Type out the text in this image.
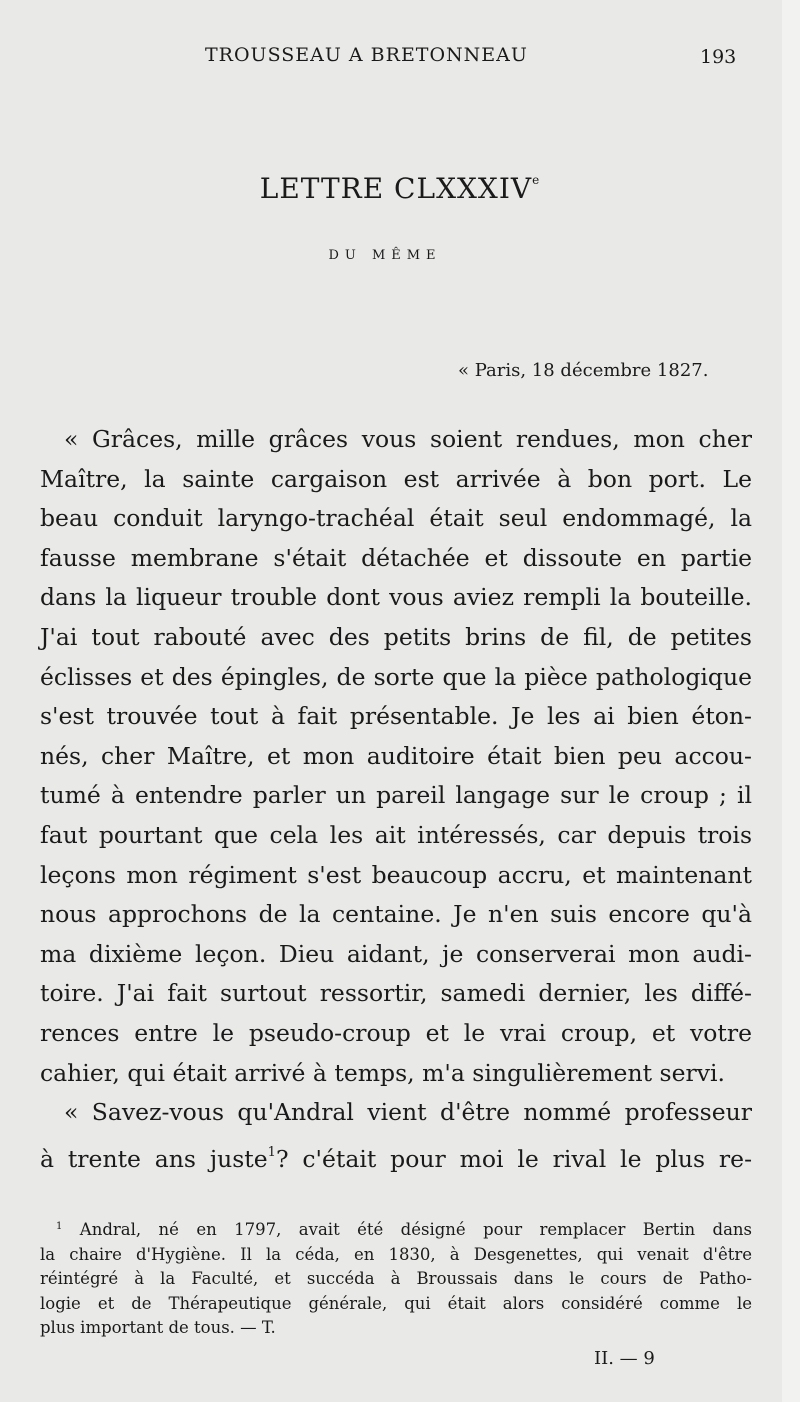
TROUSSEAU A BRETONNEAU	193
LETTRE CLXXXIVe
DU MÊME
« Paris, 18 décembre 1827.
« Grâces, mille grâces vous soient rendues, mon cher
Maître, la sainte cargaison est arrivée à bon port. Le
beau conduit laryngo-trachéal était seul endommagé, la
fausse membrane s'était détachée et dissoute en partie
dans la liqueur trouble dont vous aviez rempli la bouteille.
J'ai tout rabouté avec des petits brins de fil, de petites
éclisses et des épingles, de sorte que la pièce pathologique
s'est trouvée tout à fait présentable. Je les ai bien éton-
nés, cher Maître, et mon auditoire était bien peu accou-
tumé à entendre parler un pareil langage sur le croup ; il
faut pourtant que cela les ait intéressés, car depuis trois
leçons mon régiment s'est beaucoup accru, et maintenant
nous approchons de la centaine. Je n'en suis encore qu'à
ma dixième leçon. Dieu aidant, je conserverai mon audi-
toire. J'ai fait surtout ressortir, samedi dernier, les diffé-
rences entre le pseudo-croup et le vrai croup, et votre
cahier, qui était arrivé à temps, m'a singulièrement servi.
« Savez-vous qu'Andral vient d'être nommé professeur
à trente ans juste$^1$? c'était pour moi le rival le plus re-
$^1$ Andral, né en 1797, avait été désigné pour remplacer Bertin dans
la chaire d'Hygiène. Il la céda, en 1830, à Desgenettes, qui venait d'être
réintégré à la Faculté, et succéda à Broussais dans le cours de Patho-
logie et de Thérapeutique générale, qui était alors considéré comme le
plus important de tous. — T.
II. — 9
